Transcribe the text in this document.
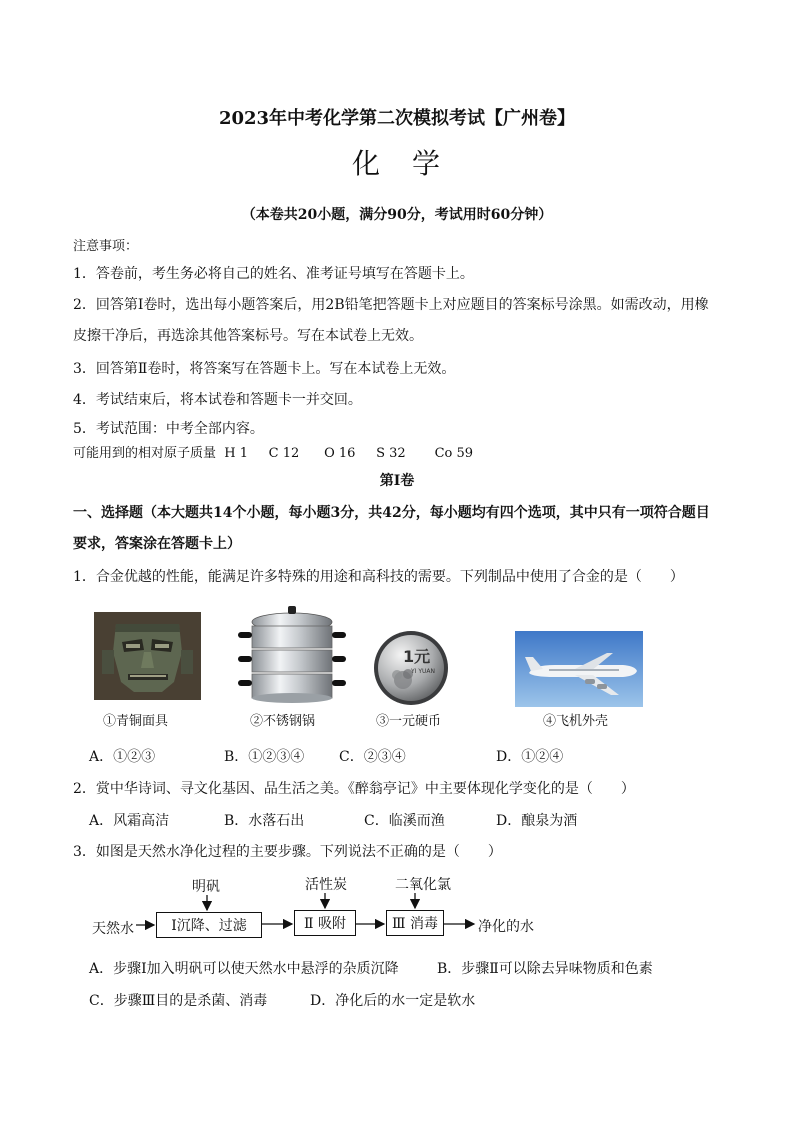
2023年中考化学第二次模拟考试【广州卷】
化　学
（本卷共20小题，满分90分，考试用时60分钟）
注意事项：
1．答卷前，考生务必将自己的姓名、准考证号填写在答题卡上。
2．回答第Ⅰ卷时，选出每小题答案后，用2B铅笔把答题卡上对应题目的答案标号涂黑。如需改动，用橡
皮擦干净后，再选涂其他答案标号。写在本试卷上无效。
3．回答第Ⅱ卷时，将答案写在答题卡上。写在本试卷上无效。
4．考试结束后，将本试卷和答题卡一并交回。
5．考试范围：中考全部内容。
可能用到的相对原子质量  H 1     C 12      O 16     S 32       Co 59
第Ⅰ卷
一、选择题（本大题共14个小题，每小题3分，共42分，每小题均有四个选项，其中只有一项符合题目
要求，答案涂在答题卡上）
1．合金优越的性能，能满足许多特殊的用途和高科技的需要。下列制品中使用了合金的是（　　）
1元
YI YUAN
①青铜面具	②不锈钢锅	③一元硬币	④飞机外壳
A．①②③	B．①②③④ C．②③④	D．①②④
2．赏中华诗词、寻文化基因、品生活之美。《醉翁亭记》中主要体现化学变化的是（　　）
A．风霜高洁	B．水落石出	C．临溪而渔	D．酿泉为酒
3．如图是天然水净化过程的主要步骤。下列说法不正确的是（　　）
明矾	活性炭	二氧化氯
天然水	Ⅰ沉降、过滤	Ⅱ 吸附	Ⅲ 消毒	净化的水
A．步骤Ⅰ加入明矾可以使天然水中悬浮的杂质沉降	B．步骤Ⅱ可以除去异味物质和色素
C．步骤Ⅲ目的是杀菌、消毒	D．净化后的水一定是软水
